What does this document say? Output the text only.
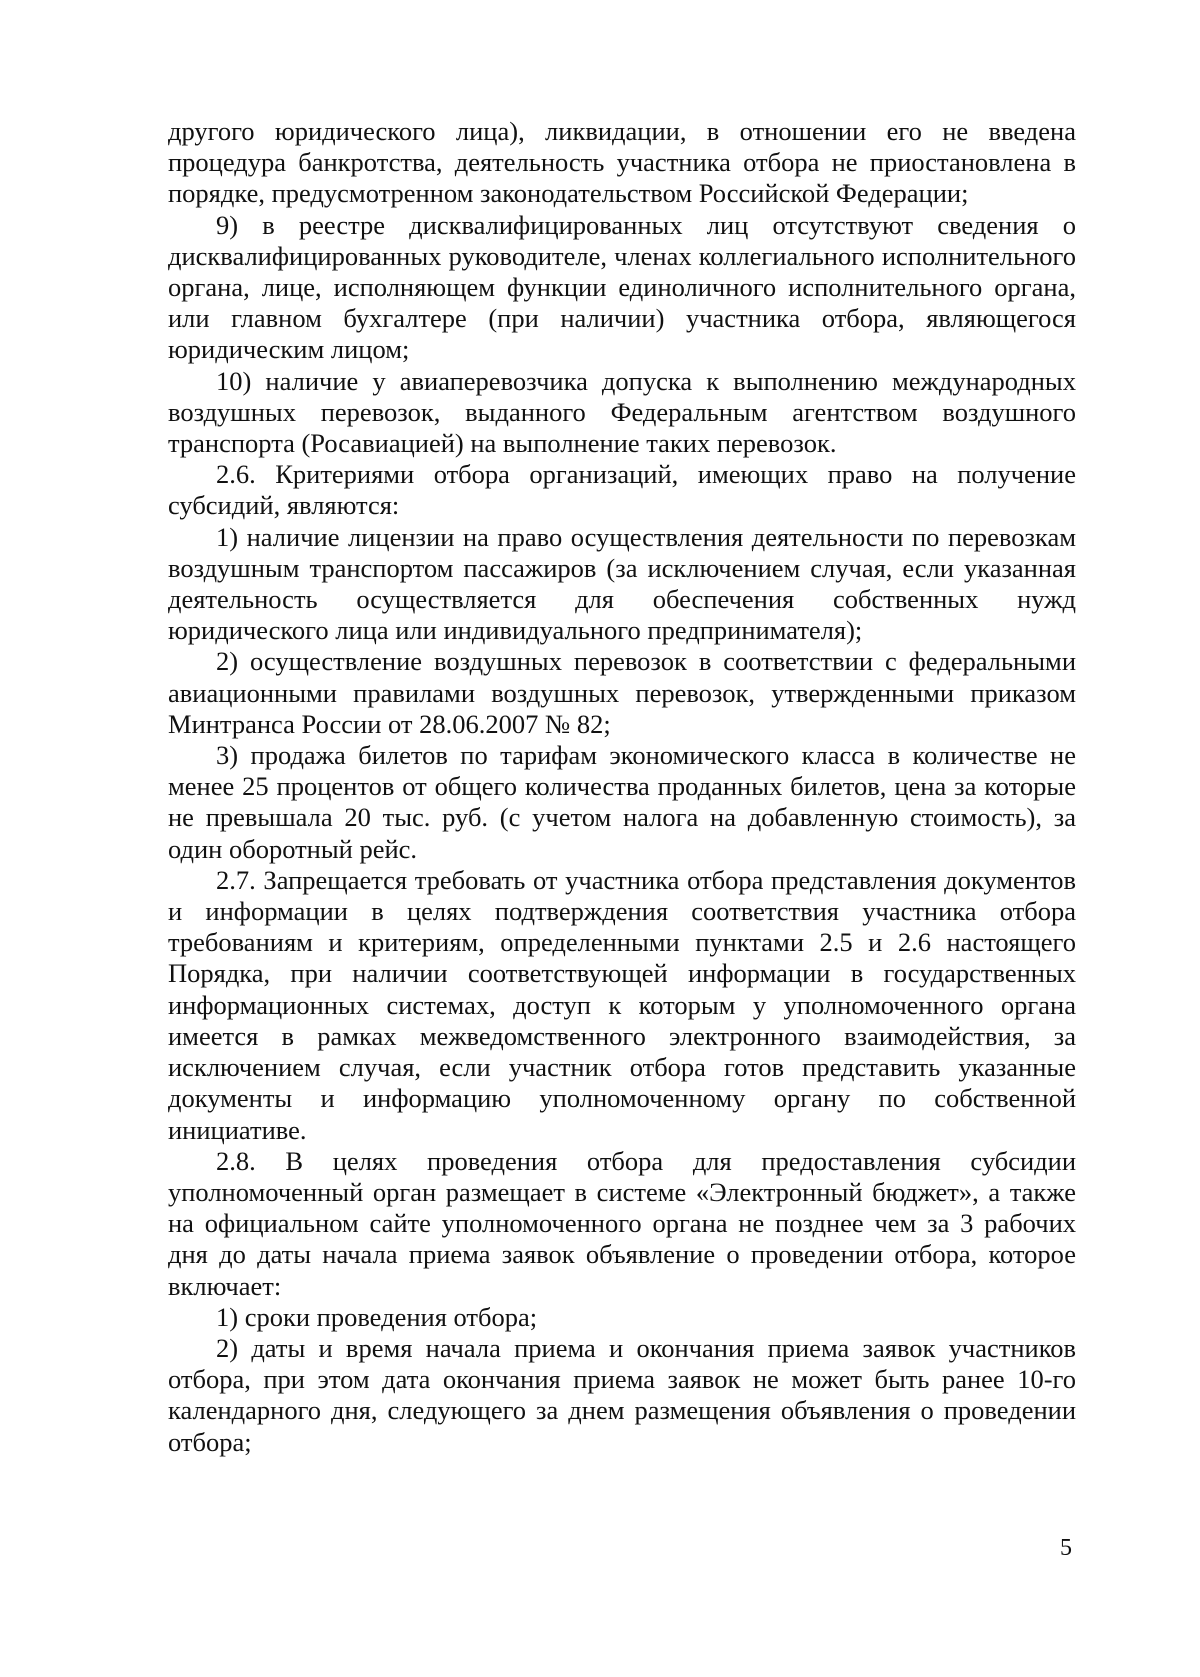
другого юридического лица), ликвидации, в отношении его не введена процедура банкротства, деятельность участника отбора не приостановлена в порядке, предусмотренном законодательством Российской Федерации;

9) в реестре дисквалифицированных лиц отсутствуют сведения о дисквалифицированных руководителе, членах коллегиального исполнительного органа, лице, исполняющем функции единоличного исполнительного органа, или главном бухгалтере (при наличии) участника отбора, являющегося юридическим лицом;

10) наличие у авиаперевозчика допуска к выполнению международных воздушных перевозок, выданного Федеральным агентством воздушного транспорта (Росавиацией) на выполнение таких перевозок.

2.6. Критериями отбора организаций, имеющих право на получение субсидий, являются:

1) наличие лицензии на право осуществления деятельности по перевозкам воздушным транспортом пассажиров (за исключением случая, если указанная деятельность осуществляется для обеспечения собственных нужд юридического лица или индивидуального предпринимателя);

2) осуществление воздушных перевозок в соответствии с федеральными авиационными правилами воздушных перевозок, утвержденными приказом Минтранса России от 28.06.2007 № 82;

3) продажа билетов по тарифам экономического класса в количестве не менее 25 процентов от общего количества проданных билетов, цена за которые не превышала 20 тыс. руб. (с учетом налога на добавленную стоимость), за один оборотный рейс.

2.7. Запрещается требовать от участника отбора представления документов и информации в целях подтверждения соответствия участника отбора требованиям и критериям, определенными пунктами 2.5 и 2.6 настоящего Порядка, при наличии соответствующей информации в государственных информационных системах, доступ к которым у уполномоченного органа имеется в рамках межведомственного электронного взаимодействия, за исключением случая, если участник отбора готов представить указанные документы и информацию уполномоченному органу по собственной инициативе.

2.8. В целях проведения отбора для предоставления субсидии уполномоченный орган размещает в системе «Электронный бюджет», а также на официальном сайте уполномоченного органа не позднее чем за 3 рабочих дня до даты начала приема заявок объявление о проведении отбора, которое включает:

1) сроки проведения отбора;

2) даты и время начала приема и окончания приема заявок участников отбора, при этом дата окончания приема заявок не может быть ранее 10-го календарного дня, следующего за днем размещения объявления о проведении отбора;

5
